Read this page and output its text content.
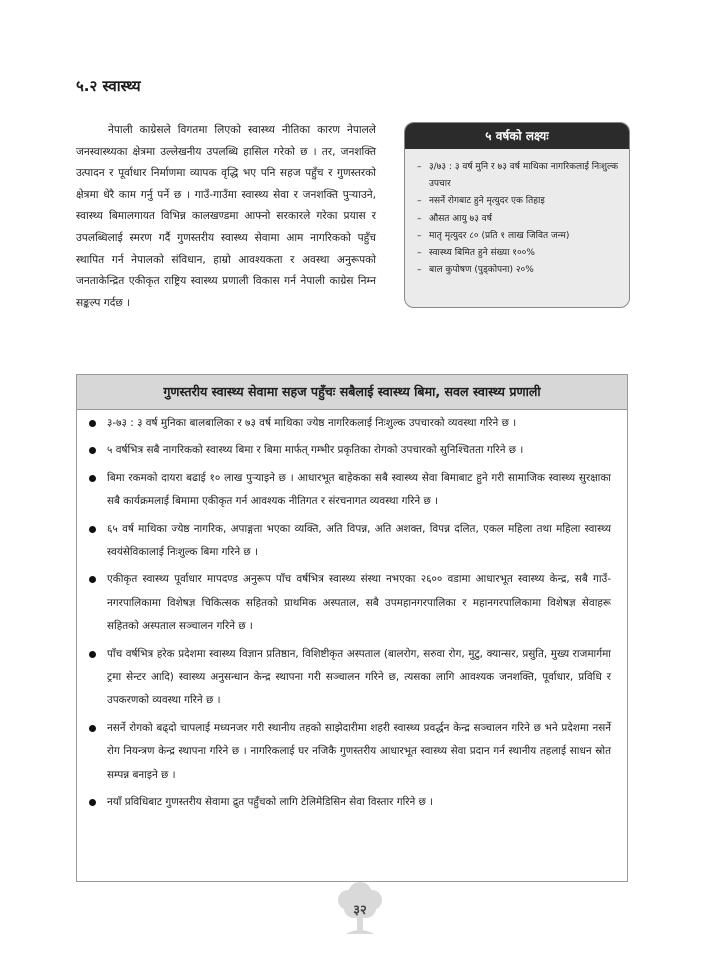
५.२ स्वास्थ्य

नेपाली काग्रेसले विगतमा लिएको स्वास्थ्य नीतिका कारण नेपालले जनस्वास्थ्यका क्षेत्रमा उल्लेखनीय उपलब्धि हासिल गरेको छ । तर, जनशक्ति उत्पादन र पूर्वाधार निर्माणमा व्यापक वृद्धि भए पनि सहज पहुँच र गुणस्तरको क्षेत्रमा धेरै काम गर्नु पर्ने छ । गाउँ-गाउँमा स्वास्थ्य सेवा र जनशक्ति पुऱ्याउने, स्वास्थ्य बिमालगायत विभिन्न कालखण्डमा आफ्नो सरकारले गरेका प्रयास र उपलब्धिलाई स्मरण गर्दै गुणस्तरीय स्वास्थ्य सेवामा आम नागरिकको पहुँच स्थापित गर्न नेपालको संविधान, हाम्रो आवश्यकता र अवस्था अनुरूपको जनताकेन्द्रित एकीकृत राष्ट्रिय स्वास्थ्य प्रणाली विकास गर्न नेपाली काग्रेस निम्न सङ्कल्प गर्दछ ।

५ वर्षको लक्ष्यः
– ३/७३ : ३ वर्ष मुनि र ७३ वर्ष माथिका नागरिकलाई निःशुल्क उपचार
– नसर्ने रोगबाट हुने मृत्युदर एक तिहाइ
– औसत आयु ७३ वर्ष
– मातृ मृत्युदर ८० (प्रति १ लाख जिवित जन्म)
– स्वास्थ्य बिमित हुने संख्या १००%
– बाल कुपोषण (पुड्कोपना) २०%
गुणस्तरीय स्वास्थ्य सेवामा सहज पहुँचः सबैलाई स्वास्थ्य बिमा, सवल स्वास्थ्य प्रणाली
३-७३ : ३ वर्ष मुनिका बालबालिका र ७३ वर्ष माथिका ज्येष्ठ नागरिकलाई निःशुल्क उपचारको व्यवस्था गरिने छ ।
५ वर्षभित्र सबै नागरिकको स्वास्थ्य बिमा र बिमा मार्फत् गम्भीर प्रकृतिका रोगको उपचारको सुनिश्चितता गरिने छ ।
बिमा रकमको दायरा बढाई १० लाख पुऱ्याइने छ । आधारभूत बाहेकका सबै स्वास्थ्य सेवा बिमाबाट हुने गरी सामाजिक स्वास्थ्य सुरक्षाका सबै कार्यक्रमलाई बिमामा एकीकृत गर्न आवश्यक नीतिगत र संरचनागत व्यवस्था गरिने छ ।
६५ वर्ष माथिका ज्येष्ठ नागरिक, अपाङ्गता भएका व्यक्ति, अति विपन्न, अति अशक्त, विपन्न दलित, एकल महिला तथा महिला स्वास्थ्य स्वयंसेविकालाई निःशुल्क बिमा गरिने छ ।
एकीकृत स्वास्थ्य पूर्वाधार मापदण्ड अनुरूप पाँच वर्षभित्र स्वास्थ्य संस्था नभएका २६०० वडामा आधारभूत स्वास्थ्य केन्द्र, सबै गाउँ-नगरपालिकामा विशेषज्ञ चिकित्सक सहितको प्राथमिक अस्पताल, सबै उपमहानगरपालिका र महानगरपालिकामा विशेषज्ञ सेवाहरू सहितको अस्पताल सञ्चालन गरिने छ ।
पाँच वर्षभित्र हरेक प्रदेशमा स्वास्थ्य विज्ञान प्रतिष्ठान, विशिष्टीकृत अस्पताल (बालरोग, सरुवा रोग, मुटु, क्यान्सर, प्रसुति, मुख्य राजमार्गमा ट्रमा सेन्टर आदि) स्वास्थ्य अनुसन्धान केन्द्र स्थापना गरी सञ्चालन गरिने छ, त्यसका लागि आवश्यक जनशक्ति, पूर्वाधार, प्रविधि र उपकरणको व्यवस्था गरिने छ ।
नसर्ने रोगको बढ्दो चापलाई मध्यनजर गरी स्थानीय तहको साझेदारीमा शहरी स्वास्थ्य प्रवर्द्धन केन्द्र सञ्चालन गरिने छ भने प्रदेशमा नसर्ने रोग नियन्त्रण केन्द्र स्थापना गरिने छ । नागरिकलाई घर नजिकै गुणस्तरीय आधारभूत स्वास्थ्य सेवा प्रदान गर्न स्थानीय तहलाई साधन स्रोत सम्पन्न बनाइने छ ।
नयाँ प्रविधिबाट गुणस्तरीय सेवामा द्रुत पहुँचको लागि टेलिमेडिसिन सेवा विस्तार गरिने छ ।
३२
